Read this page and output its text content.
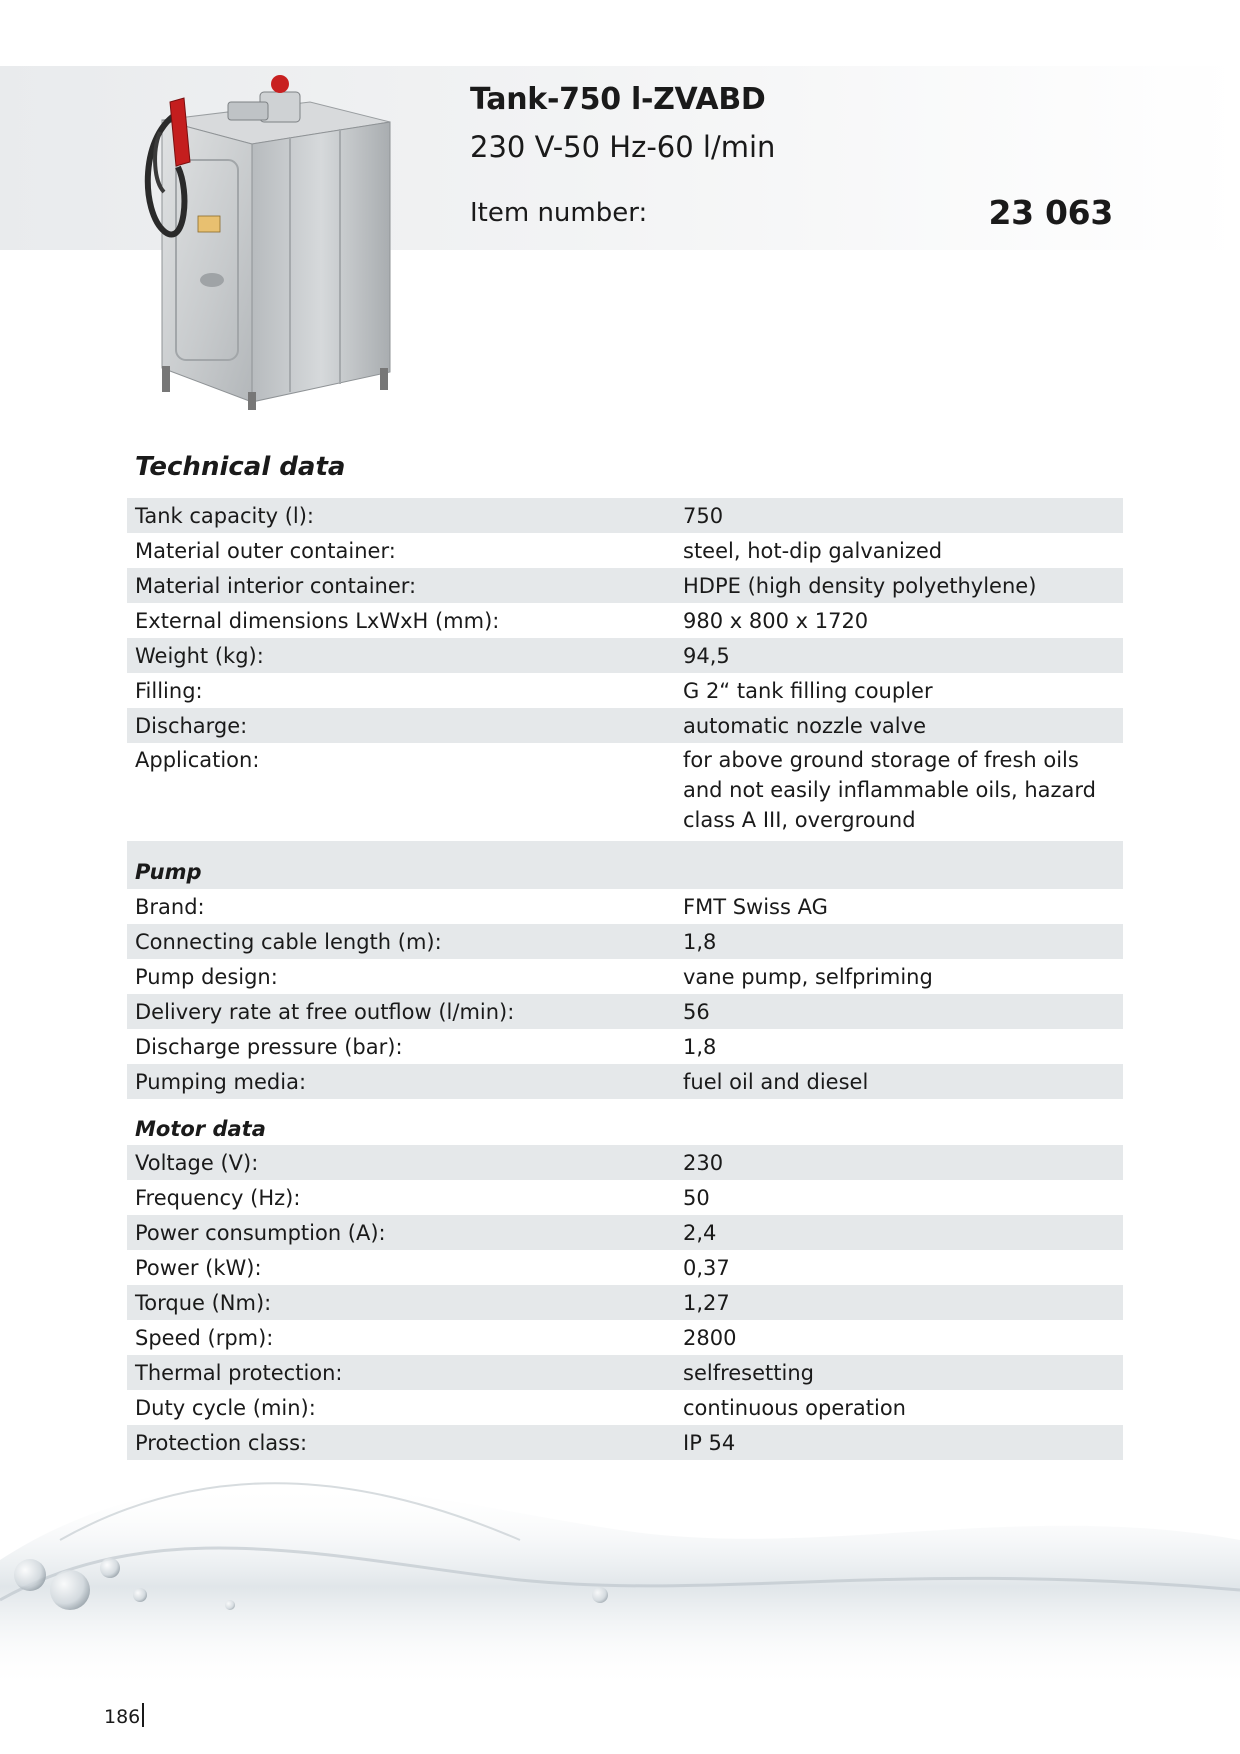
Tank-750 l-ZVABD
230 V-50 Hz-60 l/min
Item number:	23 063
Technical data
Tank capacity (l):	750
Material outer container:	steel, hot-dip galvanized
Material interior container:	HDPE (high density polyethylene)
External dimensions LxWxH (mm):	980 x 800 x 1720
Weight (kg):	94,5
Filling:	G 2“ tank filling coupler
Discharge:	automatic nozzle valve
Application:	for above ground storage of fresh oils and not easily inflammable oils, hazard class A III, overground
Pump
Brand:	FMT Swiss AG
Connecting cable length (m):	1,8
Pump design:	vane pump, selfpriming
Delivery rate at free outflow (l/min):	56
Discharge pressure (bar):	1,8
Pumping media:	fuel oil and diesel
Motor data
Voltage (V):	230
Frequency (Hz):	50
Power consumption (A):	2,4
Power (kW):	0,37
Torque (Nm):	1,27
Speed (rpm):	2800
Thermal protection:	selfresetting
Duty cycle (min):	continuous operation
Protection class:	IP 54
186
